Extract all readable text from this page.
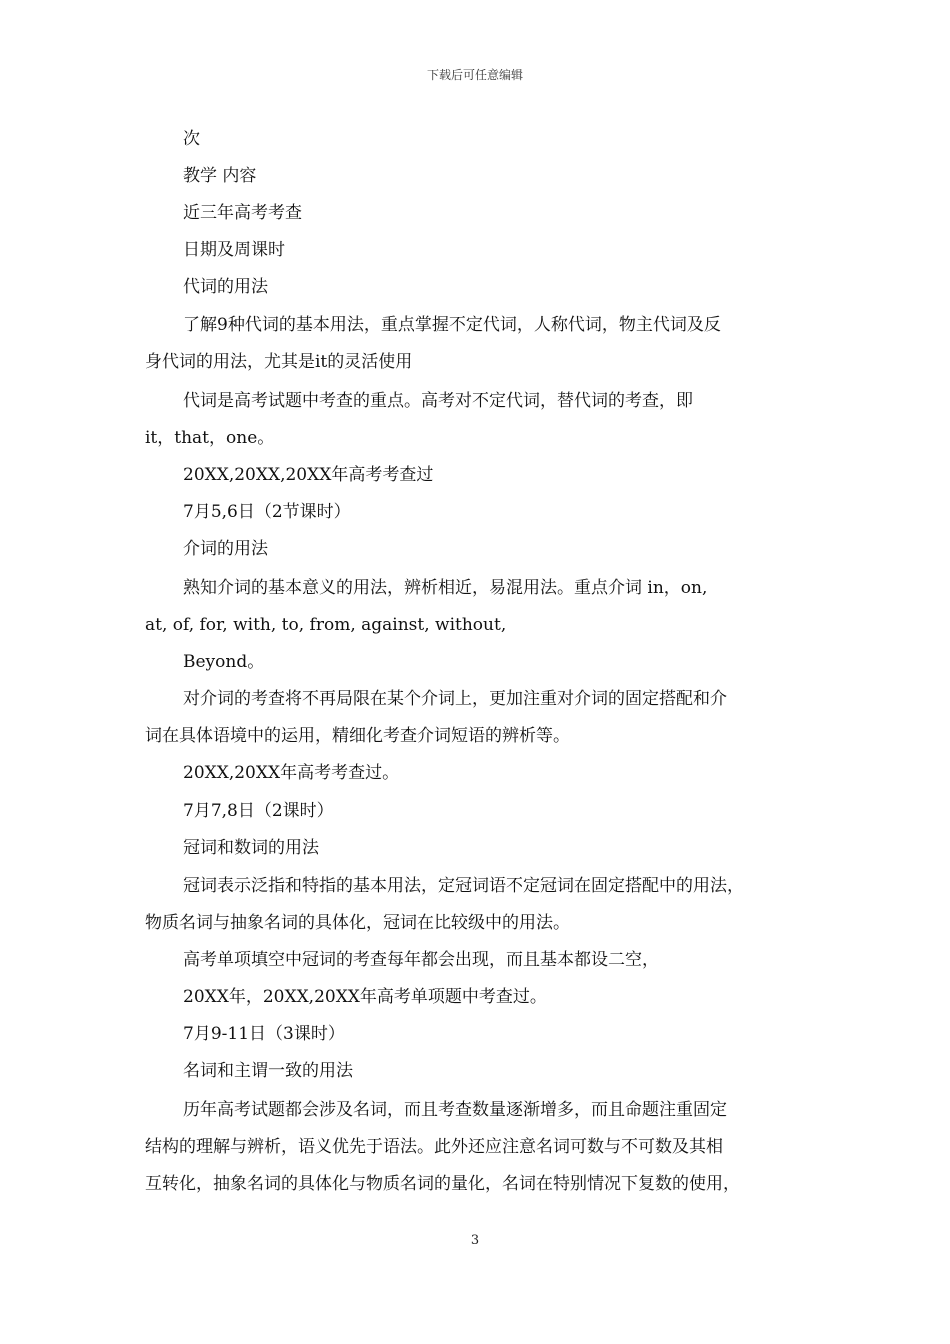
下载后可任意编辑
次
教学 内容
近三年高考考查
日期及周课时
代词的用法
了解9种代词的基本用法，重点掌握不定代词，人称代词，物主代词及反
身代词的用法，尤其是it的灵活使用
代词是高考试题中考查的重点。高考对不定代词，替代词的考查，即
it，that，one。
20XX,20XX,20XX年高考考查过
7月5,6日（2节课时）
介词的用法
熟知介词的基本意义的用法，辨析相近，易混用法。重点介词 in，on,
at, of, for, with, to, from, against, without,
Beyond。
对介词的考查将不再局限在某个介词上，更加注重对介词的固定搭配和介
词在具体语境中的运用，精细化考查介词短语的辨析等。
20XX,20XX年高考考查过。
7月7,8日（2课时）
冠词和数词的用法
冠词表示泛指和特指的基本用法，定冠词语不定冠词在固定搭配中的用法，
物质名词与抽象名词的具体化，冠词在比较级中的用法。
高考单项填空中冠词的考查每年都会出现，而且基本都设二空，
20XX年，20XX,20XX年高考单项题中考查过。
7月9-11日（3课时）
名词和主谓一致的用法
历年高考试题都会涉及名词，而且考查数量逐渐增多，而且命题注重固定
结构的理解与辨析，语义优先于语法。此外还应注意名词可数与不可数及其相
互转化，抽象名词的具体化与物质名词的量化，名词在特别情况下复数的使用，
3
